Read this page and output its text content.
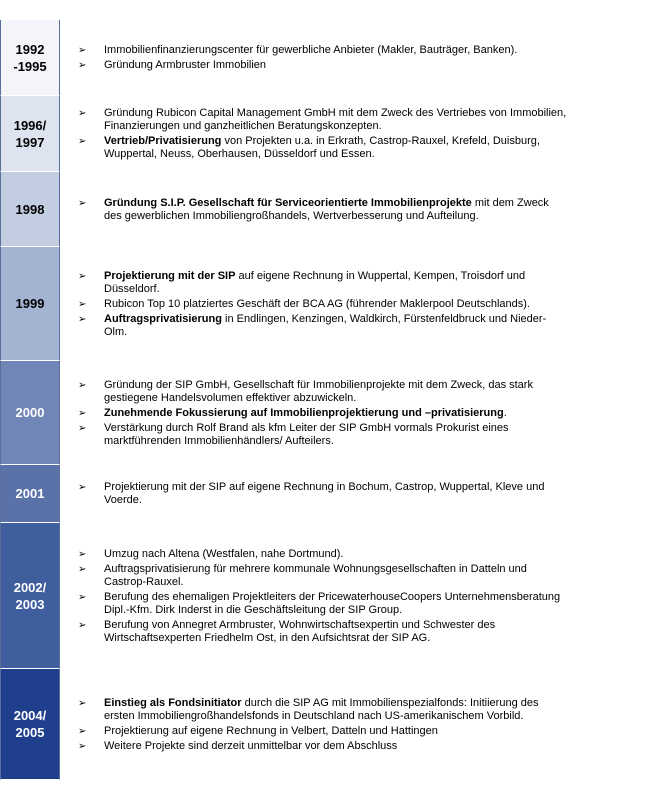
1992
-1995
➢	Immobilienfinanzierungscenter für gewerbliche Anbieter (Makler, Bauträger, Banken).
➢	Gründung Armbruster Immobilien
1996/
1997
➢	Gründung Rubicon Capital Management GmbH mit dem Zweck des Vertriebes von Immobilien, Finanzierungen und ganzheitlichen Beratungskonzepten.
➢	Vertrieb/Privatisierung von Projekten u.a. in Erkrath, Castrop-Rauxel, Krefeld, Duisburg, Wuppertal, Neuss, Oberhausen, Düsseldorf und Essen.
1998	➢	Gründung S.I.P. Gesellschaft für Serviceorientierte Immobilienprojekte mit dem Zweck des gewerblichen Immobiliengroßhandels, Wertverbesserung und Aufteilung.
1999
➢	Projektierung mit der SIP auf eigene Rechnung in Wuppertal, Kempen, Troisdorf und Düsseldorf.
➢	Rubicon Top 10 platziertes Geschäft der BCA AG (führender Maklerpool Deutschlands).
➢	Auftragsprivatisierung in Endlingen, Kenzingen, Waldkirch, Fürstenfeldbruck und Nieder-Olm.
2000
➢	Gründung der SIP GmbH, Gesellschaft für Immobilienprojekte mit dem Zweck, das stark gestiegene Handelsvolumen effektiver abzuwickeln.
➢	Zunehmende Fokussierung auf Immobilienprojektierung und –privatisierung.
➢	Verstärkung durch Rolf Brand als kfm Leiter der SIP GmbH vormals Prokurist eines marktführenden Immobilienhändlers/ Aufteilers.
2001	➢	Projektierung mit der SIP auf eigene Rechnung in Bochum, Castrop, Wuppertal, Kleve und Voerde.
2002/
2003
➢	Umzug nach Altena (Westfalen, nahe Dortmund).
➢	Auftragsprivatisierung für mehrere kommunale Wohnungsgesellschaften in Datteln und Castrop-Rauxel.
➢	Berufung des ehemaligen Projektleiters der PricewaterhouseCoopers Unternehmensberatung Dipl.-Kfm. Dirk Inderst in die Geschäftsleitung der SIP Group.
➢	Berufung von Annegret Armbruster, Wohnwirtschaftsexpertin und Schwester des Wirtschaftsexperten Friedhelm Ost, in den Aufsichtsrat der SIP AG.
2004/
2005
➢	Einstieg als Fondsinitiator durch die SIP AG mit Immobilienspezialfonds: Initiierung des ersten Immobiliengroßhandelsfonds in Deutschland nach US-amerikanischem Vorbild.
➢	Projektierung auf eigene Rechnung in Velbert, Datteln und Hattingen
➢	Weitere Projekte sind derzeit unmittelbar vor dem Abschluss
